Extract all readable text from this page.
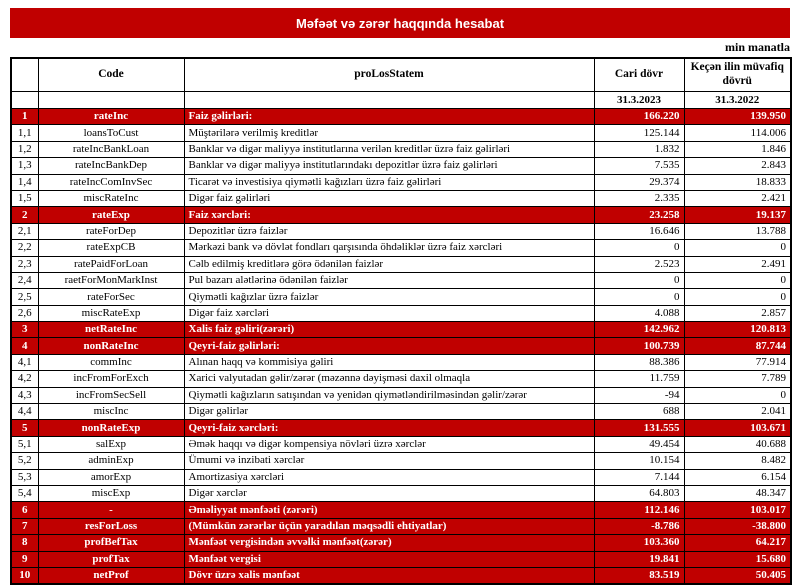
Məfəət və zərər haqqında hesabat
min manatla
	Code	proLosStatem	Cari dövr	Keçən ilin müvafiq dövrü
			31.3.2023	31.3.2022
1	rateInc	Faiz gəlirləri:	166.220	139.950
1,1	loansToCust	Müştərilərə verilmiş kreditlər	125.144	114.006
1,2	rateIncBankLoan	Banklar və digər maliyyə institutlarına verilən kreditlər üzrə faiz gəlirləri	1.832	1.846
1,3	rateIncBankDep	Banklar və digər maliyyə institutlarındakı depozitlər üzrə faiz gəlirləri	7.535	2.843
1,4	rateIncComInvSec	Ticarət və investisiya qiymətli kağızları üzrə faiz gəlirləri	29.374	18.833
1,5	miscRateInc	Digər faiz gəlirləri	2.335	2.421
2	rateExp	Faiz xərcləri:	23.258	19.137
2,1	rateForDep	Depozitlər üzrə faizlər	16.646	13.788
2,2	rateExpCB	Mərkəzi bank və dövlət fondları qarşısında öhdəliklər üzrə faiz xərcləri	0	0
2,3	ratePaidForLoan	Cəlb edilmiş kreditlərə görə ödənilən faizlər	2.523	2.491
2,4	raetForMonMarkInst	Pul bazarı alətlərinə ödənilən faizlər	0	0
2,5	rateForSec	Qiymətli kağızlar üzrə faizlər	0	0
2,6	miscRateExp	Digər faiz xərcləri	4.088	2.857
3	netRateInc	Xalis faiz gəliri(zərəri)	142.962	120.813
4	nonRateInc	Qeyri-faiz gəlirləri:	100.739	87.744
4,1	commInc	Alınan haqq və kommisiya gəliri	88.386	77.914
4,2	incFromForExch	Xarici valyutadan gəlir/zərər (məzənnə dəyişməsi daxil olmaqla	11.759	7.789
4,3	incFromSecSell	Qiymətli kağızların satışından və yenidən qiymətləndirilməsindən gəlir/zərər	-94	0
4,4	miscInc	Digər gəlirlər	688	2.041
5	nonRateExp	Qeyri-faiz xərcləri:	131.555	103.671
5,1	salExp	Əmək haqqı və digər kompensiya növləri üzrə xərclər	49.454	40.688
5,2	adminExp	Ümumi və inzibati xərclər	10.154	8.482
5,3	amorExp	Amortizasiya xərcləri	7.144	6.154
5,4	miscExp	Digər xərclər	64.803	48.347
6	-	Əməliyyat mənfəəti (zərəri)	112.146	103.017
7	resForLoss	(Mümkün zərərlər üçün yaradılan məqsədli ehtiyatlar)	-8.786	-38.800
8	profBefTax	Mənfəət vergisindən əvvəlki mənfəət(zərər)	103.360	64.217
9	profTax	Mənfəət vergisi	19.841	15.680
10	netProf	Dövr üzrə xalis mənfəət	83.519	50.405
